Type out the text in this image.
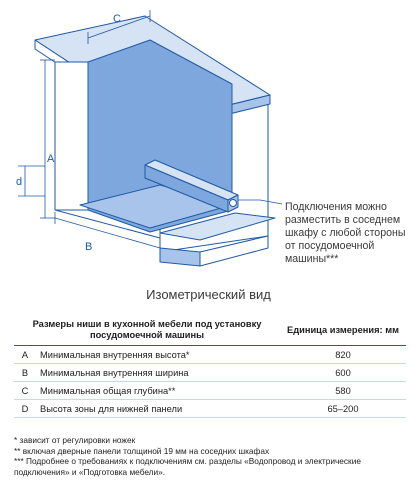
C
A
d
B
Подключения можно разместить в соседнем шкафу с любой стороны от посудомоечной машины***
Изометрический вид
Размеры ниши в кухонной мебели под установку посудомоечной машины		Единица измерения: мм
A	Минимальная внутренняя высота*	820
B	Минимальная внутренняя ширина	600
C	Минимальная общая глубина**	580
D	Высота зоны для нижней панели	65–200
* зависит от регулировки ножек
** включая дверные панели толщиной 19 мм на соседних шкафах
*** Подробнее о требованиях к подключениям см. разделы «Водопровод и электрические подключения» и «Подготовка мебели».
